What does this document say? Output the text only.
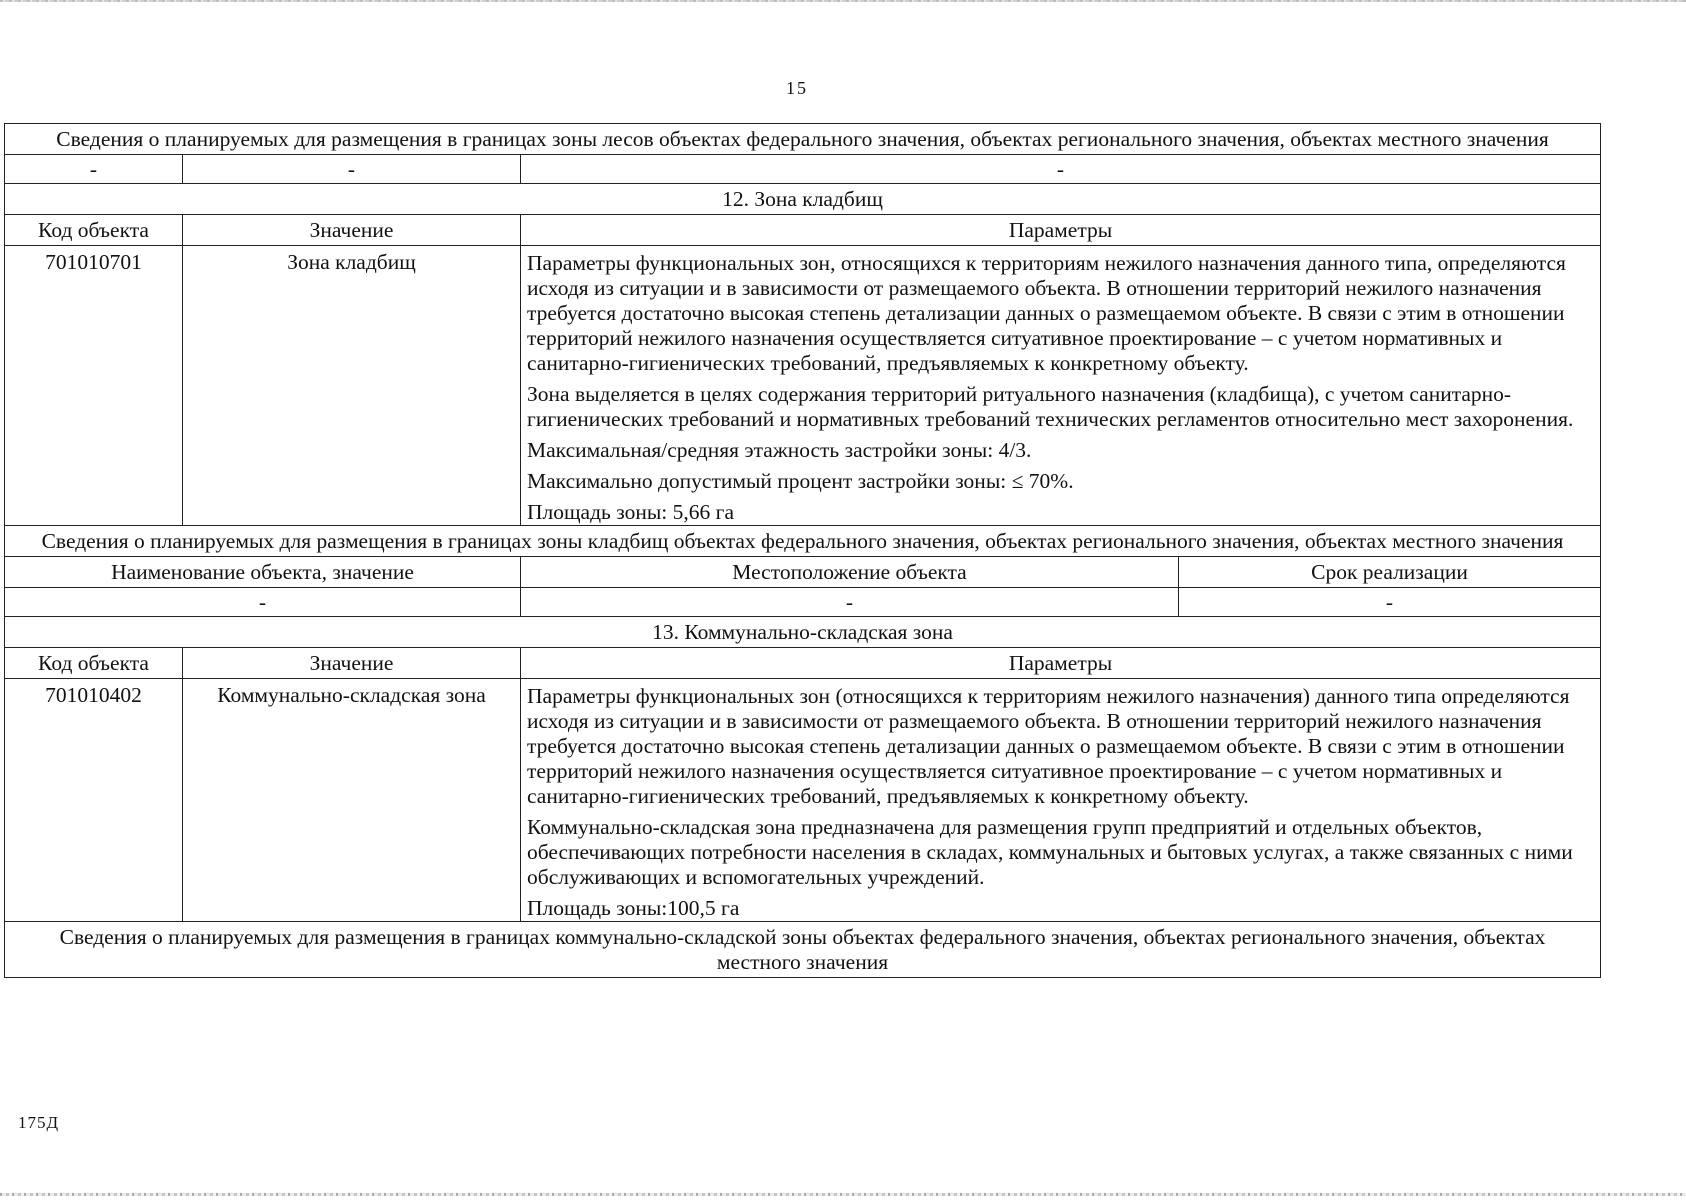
15
Сведения о планируемых для размещения в границах зоны лесов объектах федерального значения, объектах регионального значения, объектах местного значения			
-	-	-	
12. Зона кладбищ			
Код объекта	Значение	Параметры	
701010701	Зона кладбищ	Параметры функциональных зон, относящихся к территориям нежилого назначения данного типа, определяются исходя из ситуации и в зависимости от размещаемого объекта. В отношении территорий нежилого назначения требуется достаточно высокая степень детализации данных о размещаемом объекте. В связи с этим в отношении территорий нежилого назначения осуществляется ситуативное проектирование – с учетом нормативных и санитарно-гигиенических требований, предъявляемых к конкретному объекту.

Зона выделяется в целях содержания территорий ритуального назначения (кладбища), с учетом санитарно-гигиенических требований и нормативных требований технических регламентов относительно мест захоронения.

Максимальная/средняя этажность застройки зоны: 4/3.

Максимально допустимый процент застройки зоны: ≤ 70%.

Площадь зоны: 5,66 га	

Сведения о планируемых для размещения в границах зоны кладбищ объектах федерального значения, объектах регионального значения, объектах местного значения			
Наименование объекта, значение		Местоположение объекта	Срок реализации
-		-	-
13. Коммунально-складская зона			
Код объекта	Значение	Параметры	
701010402	Коммунально-складская зона	Параметры функциональных зон (относящихся к территориям нежилого назначения) данного типа определяются исходя из ситуации и в зависимости от размещаемого объекта. В отношении территорий нежилого назначения требуется достаточно высокая степень детализации данных о размещаемом объекте. В связи с этим в отношении территорий нежилого назначения осуществляется ситуативное проектирование – с учетом нормативных и санитарно-гигиенических требований, предъявляемых к конкретному объекту.

Коммунально-складская зона предназначена для размещения групп предприятий и отдельных объектов, обеспечивающих потребности населения в складах, коммунальных и бытовых услугах, а также связанных с ними обслуживающих и вспомогательных учреждений.

Площадь зоны:100,5 га	

Сведения о планируемых для размещения в границах коммунально-складской зоны объектах федерального значения, объектах регионального значения, объектах местного значения			
175Д
